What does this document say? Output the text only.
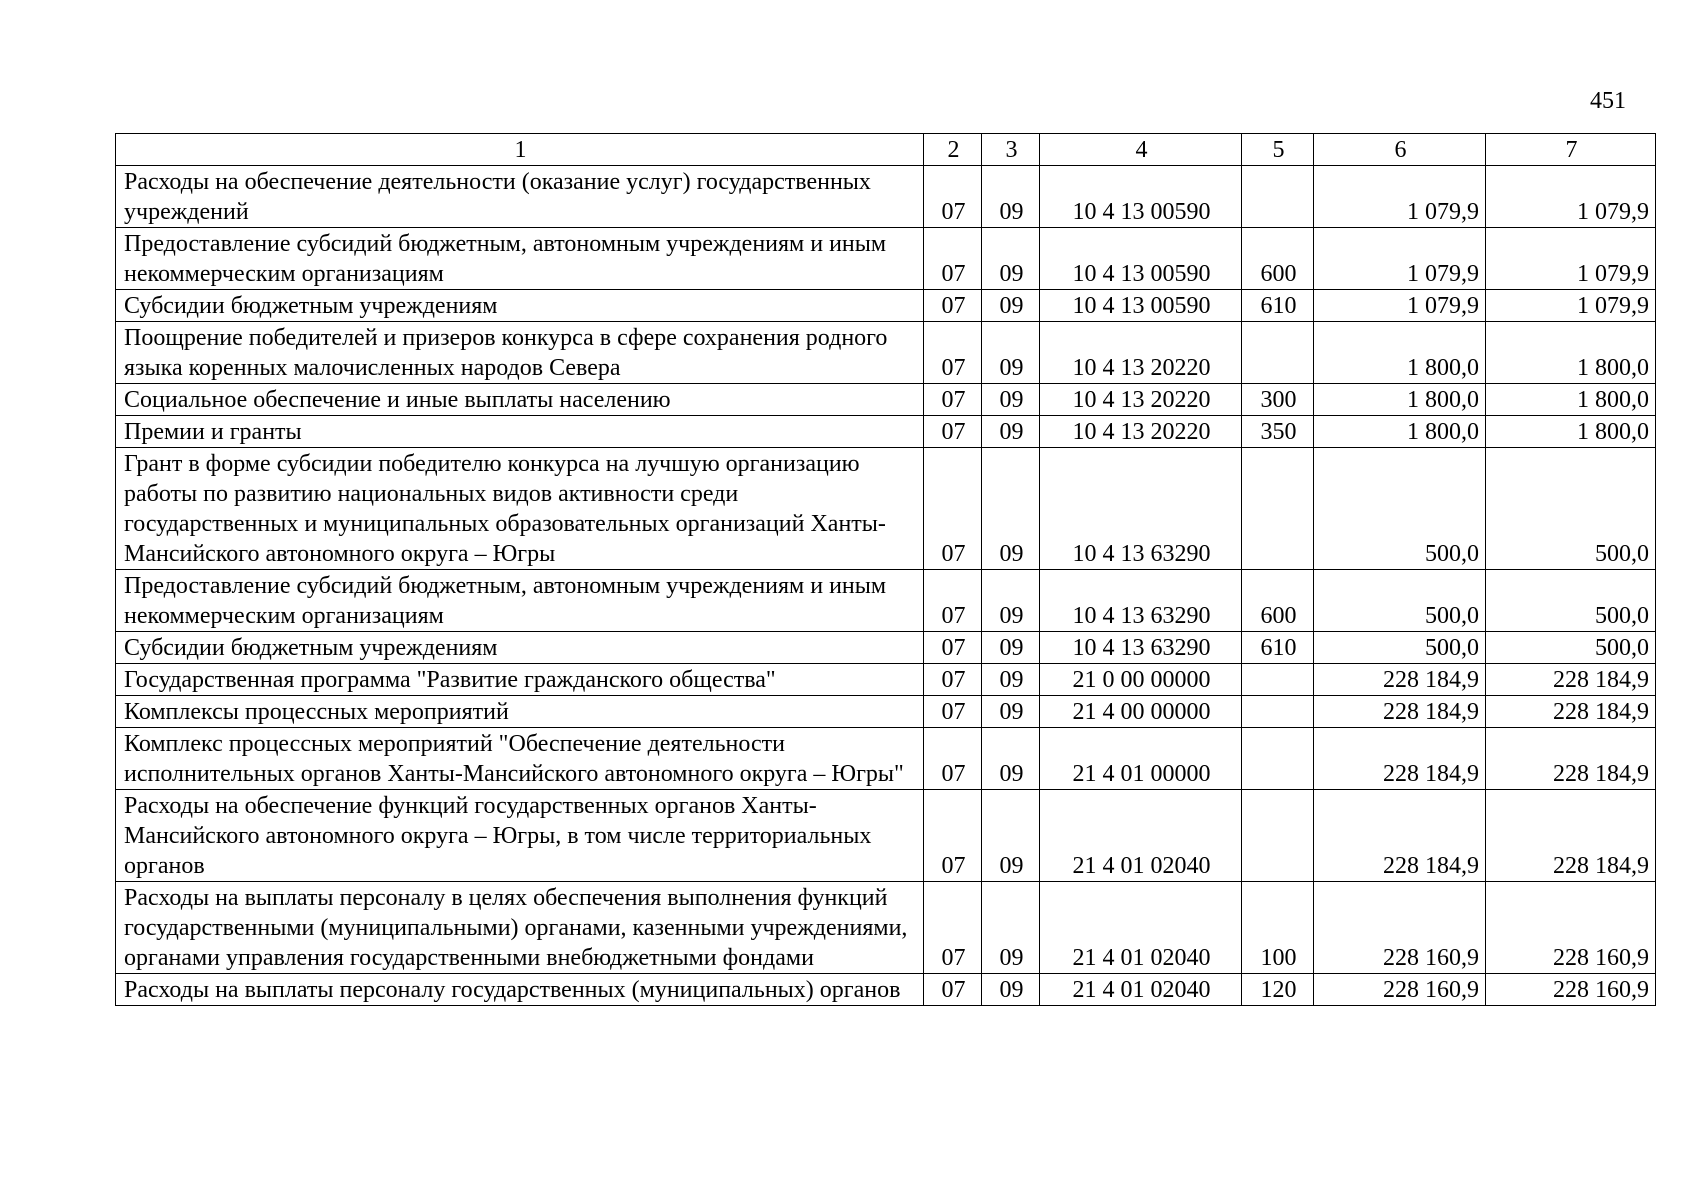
451
1	2	3	4	5	6	7
Расходы на обеспечение деятельности (оказание услуг) государственных учреждений	07	09	10 4 13 00590		1 079,9	1 079,9
Предоставление субсидий бюджетным, автономным учреждениям и иным некоммерческим организациям	07	09	10 4 13 00590	600	1 079,9	1 079,9
Субсидии бюджетным учреждениям	07	09	10 4 13 00590	610	1 079,9	1 079,9
Поощрение победителей и призеров конкурса в сфере сохранения родного языка коренных малочисленных народов Севера	07	09	10 4 13 20220		1 800,0	1 800,0
Социальное обеспечение и иные выплаты населению	07	09	10 4 13 20220	300	1 800,0	1 800,0
Премии и гранты	07	09	10 4 13 20220	350	1 800,0	1 800,0
Грант в форме субсидии победителю конкурса на лучшую организацию работы по развитию национальных видов активности среди государственных и муниципальных образовательных организаций Ханты-Мансийского автономного округа – Югры	07	09	10 4 13 63290		500,0	500,0
Предоставление субсидий бюджетным, автономным учреждениям и иным некоммерческим организациям	07	09	10 4 13 63290	600	500,0	500,0
Субсидии бюджетным учреждениям	07	09	10 4 13 63290	610	500,0	500,0
Государственная программа "Развитие гражданского общества"	07	09	21 0 00 00000		228 184,9	228 184,9
Комплексы процессных мероприятий	07	09	21 4 00 00000		228 184,9	228 184,9
Комплекс процессных мероприятий "Обеспечение деятельности исполнительных органов Ханты-Мансийского автономного округа – Югры"	07	09	21 4 01 00000		228 184,9	228 184,9
Расходы на обеспечение функций государственных органов Ханты-Мансийского автономного округа – Югры, в том числе территориальных органов	07	09	21 4 01 02040		228 184,9	228 184,9
Расходы на выплаты персоналу в целях обеспечения выполнения функций государственными (муниципальными) органами, казенными учреждениями, органами управления государственными внебюджетными фондами	07	09	21 4 01 02040	100	228 160,9	228 160,9
Расходы на выплаты персоналу государственных (муниципальных) органов	07	09	21 4 01 02040	120	228 160,9	228 160,9
